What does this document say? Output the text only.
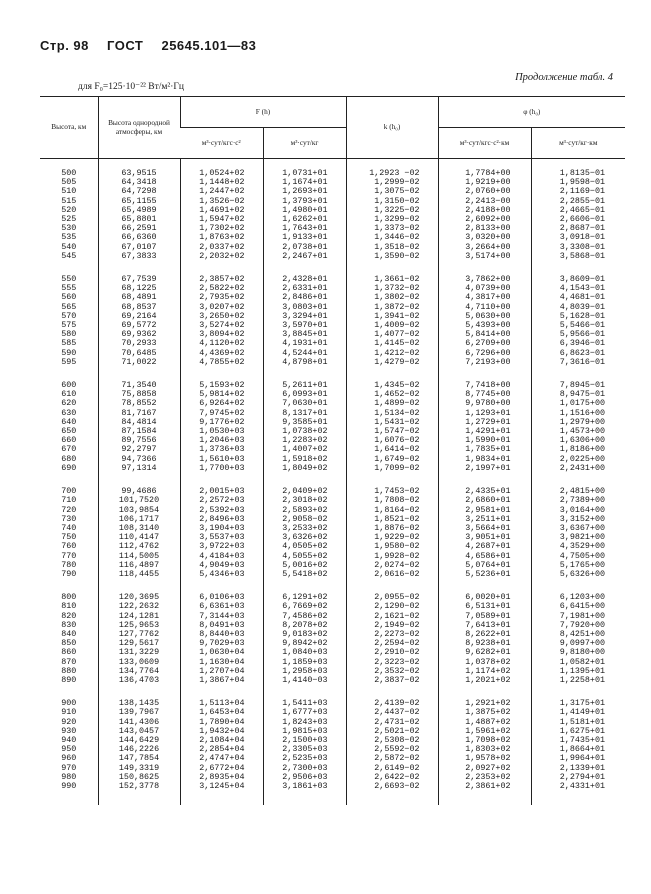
Стр. 98 ГОСТ 25645.101—83
Продолжение табл. 4
для F₀=125·10⁻²² Вт/м²·Гц
Высота, км	Высота однородной атмосферы, км	F (h)		k (h₀)	φ (h₀)	
		м³·сут/кгс·с²	м³·сут/кг		м³·сут/кгс·с²·км	м³·сут/кг·км

500	63,9515	1,0524+02	1,0731+01	1,2923 −02	1,7784+00	1,8135−01
505	64,3418	1,1448+02	1,1674+01	1,2999−02	1,9219+00	1,9598−01
510	64,7298	1,2447+02	1,2693+01	1,3075−02	2,0760+00	2,1169−01
515	65,1155	1,3526−02	1,3793+01	1,3150−02	2,2413−00	2,2855−01
520	65,4989	1,4691+02	1,4980+01	1,3225−02	2,4188+00	2,4665−01
525	65,8801	1,5947+02	1,6262+01	1,3299−02	2,6092+00	2,6606−01
530	66,2591	1,7302+02	1,7643+01	1,3373−02	2,8133+00	2,8687−01
535	66,6360	1,8763+02	1,9133+01	1,3446−02	3,0320+00	3,0918−01
540	67,0107	2,0337+02	2,0738+01	1,3518−02	3,2664+00	3,3308−01
545	67,3833	2,2032+02	2,2467+01	1,3590−02	3,5174+00	3,5868−01

550	67,7539	2,3857+02	2,4328+01	1,3661−02	3,7862+00	3,8609−01
555	68,1225	2,5822+02	2,6331+01	1,3732−02	4,0739+00	4,1543−01
560	68,4891	2,7935+02	2,8486+01	1,3802−02	4,3817+00	4,4681−01
565	68,8537	3,0207+02	3,0803+01	1,3872−02	4,7110+00	4,8039−01
570	69,2164	3,2650+02	3,3294+01	1,3941−02	5,0630+00	5,1628−01
575	69,5772	3,5274+02	3,5970+01	1,4009−02	5,4393+00	5,5466−01
580	69,9362	3,8094+02	3,8845+01	1,4077−02	5,8414+00	5,9566−01
585	70,2933	4,1120+02	4,1931+01	1,4145−02	6,2709+00	6,3946−01
590	70,6485	4,4369+02	4,5244+01	1,4212−02	6,7296+00	6,8623−01
595	71,0022	4,7855+02	4,8798+01	1,4279−02	7,2193+00	7,3616−01

600	71,3540	5,1593+02	5,2611+01	1,4345−02	7,7418+00	7,8945−01
610	75,8858	5,9814+02	6,0993+01	1,4652−02	8,7745+00	8,9475−01
620	78,8552	6,9264+02	7,0630+01	1,4899−02	9,9780+00	1,0175+00
630	81,7167	7,9745+02	8,1317+01	1,5134−02	1,1293+01	1,1516+00
640	84,4814	9,1776+02	9,3585+01	1,5431−02	1,2729+01	1,2979+00
650	87,1584	1,0530+03	1,0738+02	1,5747−02	1,4291+01	1,4573+00
660	89,7556	1,2046+03	1,2283+02	1,6076−02	1,5990+01	1,6306+00
670	92,2797	1,3736+03	1,4007+02	1,6414−02	1,7835+01	1,8186+00
680	94,7366	1,5610+03	1,5918+02	1,6749−02	1,9834+01	2,0225+00
690	97,1314	1,7700+03	1,8049+02	1,7099−02	2,1997+01	2,2431+00

700	99,4686	2,0015+03	2,0409+02	1,7453−02	2,4335+01	2,4815+00
710	101,7520	2,2572+03	2,3018+02	1,7808−02	2,6860+01	2,7389+00
720	103,9854	2,5392+03	2,5893+02	1,8164−02	2,9581+01	3,0164+00
730	106,1717	2,8496+03	2,9058−02	1,8521−02	3,2511+01	3,3152+00
740	108,3140	3,1904+03	3,2533+02	1,8876−02	3,5664+01	3,6367+00
750	110,4147	3,5537+03	3,6326+02	1,9229−02	3,9051+01	3,9821+00
760	112,4762	3,9722+03	4,0505+02	1,9580−02	4,2687+01	4,3529+00
770	114,5005	4,4184+03	4,5055+02	1,9928−02	4,6586+01	4,7505+00
780	116,4897	4,9049+03	5,0016+02	2,0274−02	5,0764+01	5,1765+00
790	118,4455	5,4346+03	5,5418+02	2,0616−02	5,5236+01	5,6326+00

800	120,3695	6,0106+03	6,1291+02	2,0955−02	6,0020+01	6,1203+00
810	122,2632	6,6361+03	6,7669+02	2,1290−02	6,5131+01	6,6415+00
820	124,1281	7,3144+03	7,4586+02	2,1621−02	7,0589+01	7,1981+00
830	125,9653	8,0491+03	8,2078+02	2,1949−02	7,6413+01	7,7920+00
840	127,7762	8,8440+03	9,0183+02	2,2273−02	8,2622+01	8,4251+00
850	129,5617	9,7029+03	9,8942+02	2,2594−02	8,9238+01	9,0997+00
860	131,3229	1,0630+04	1,0840+03	2,2910−02	9,6282+01	9,8180+00
870	133,0609	1,1630+04	1,1859+03	2,3223−02	1,0378+02	1,0582+01
880	134,7764	1,2707+04	1,2958+03	2,3532−02	1,1174+02	1,1395+01
890	136,4703	1,3867+04	1,4140−03	2,3837−02	1,2021+02	1,2258+01

900	138,1435	1,5113+04	1,5411+03	2,4139−02	1,2921+02	1,3175+01
910	139,7967	1,6453+04	1,6777+03	2,4437−02	1,3875+02	1,4149+01
920	141,4306	1,7890+04	1,8243+03	2,4731−02	1,4887+02	1,5181+01
930	143,0457	1,9432+04	1,9815+03	2,5021−02	1,5961+02	1,6275+01
940	144,6429	2,1084+04	2,1500+03	2,5308−02	1,7098+02	1,7435+01
950	146,2226	2,2854+04	2,3305+03	2,5592−02	1,8303+02	1,8664+01
960	147,7854	2,4747+04	2,5235+03	2,5872−02	1,9578+02	1,9964+01
970	149,3319	2,6772+04	2,7300+03	2,6149−02	2,0927+02	2,1339+01
980	150,8625	2,8935+04	2,9506+03	2,6422−02	2,2353+02	2,2794+01
990	152,3778	3,1245+04	3,1861+03	2,6693−02	2,3861+02	2,4331+01
